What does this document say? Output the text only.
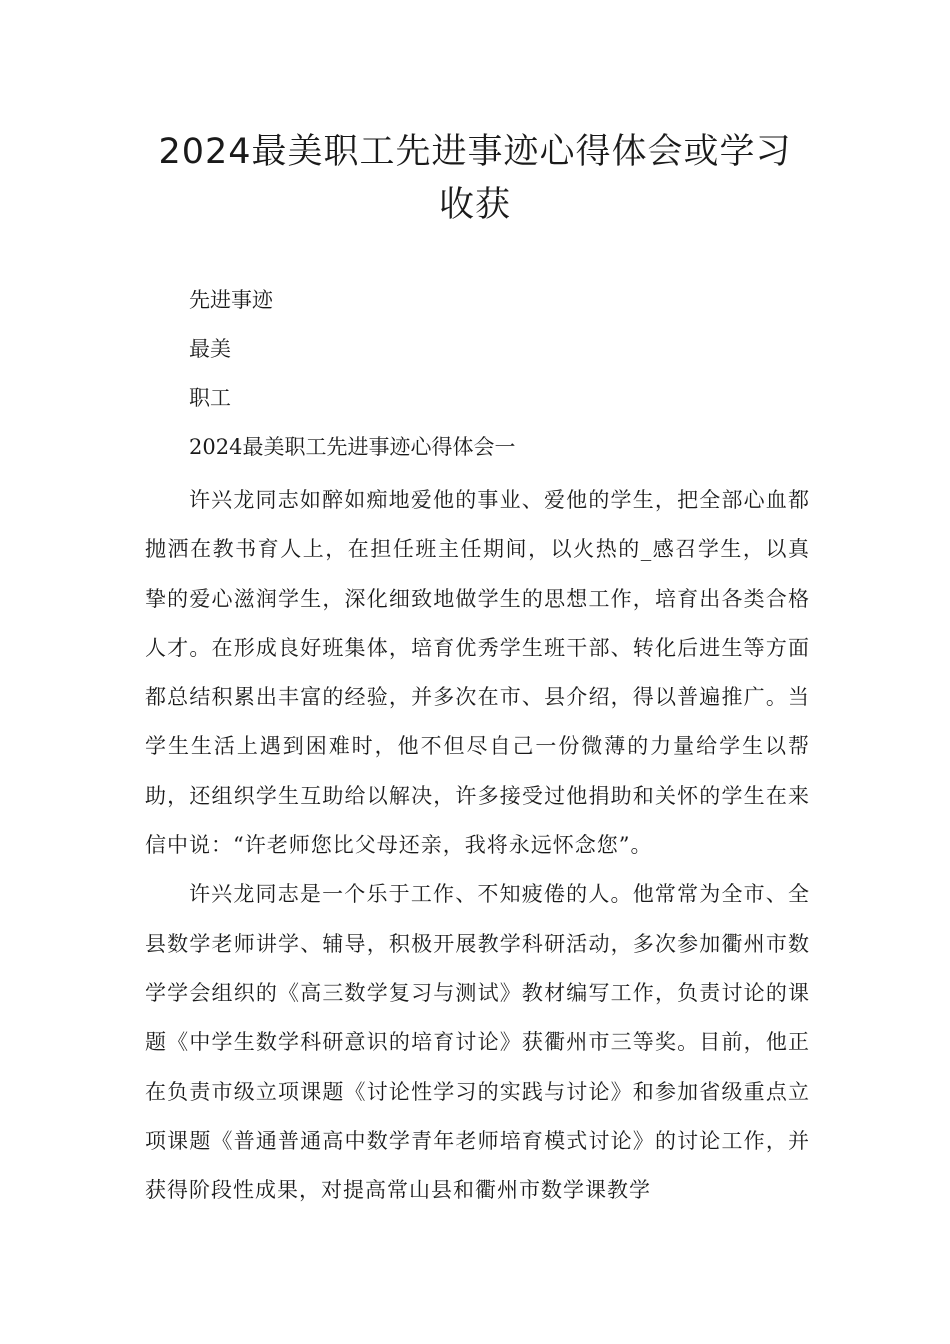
2024最美职工先进事迹心得体会或学习
收获

先进事迹

最美

职工

2024最美职工先进事迹心得体会一

许兴龙同志如醉如痴地爱他的事业、爱他的学生，把全部心血都抛洒在教书育人上，在担任班主任期间，以火热的_感召学生，以真挚的爱心滋润学生，深化细致地做学生的思想工作，培育出各类合格人才。在形成良好班集体，培育优秀学生班干部、转化后进生等方面都总结积累出丰富的经验，并多次在市、县介绍，得以普遍推广。当学生生活上遇到困难时，他不但尽自己一份微薄的力量给学生以帮助，还组织学生互助给以解决，许多接受过他捐助和关怀的学生在来信中说：“许老师您比父母还亲，我将永远怀念您”。

许兴龙同志是一个乐于工作、不知疲倦的人。他常常为全市、全县数学老师讲学、辅导，积极开展教学科研活动，多次参加衢州市数学学会组织的《高三数学复习与测试》教材编写工作，负责讨论的课题《中学生数学科研意识的培育讨论》获衢州市三等奖。目前，他正在负责市级立项课题《讨论性学习的实践与讨论》和参加省级重点立项课题《普通普通高中数学青年老师培育模式讨论》的讨论工作，并获得阶段性成果，对提高常山县和衢州市数学课教学
